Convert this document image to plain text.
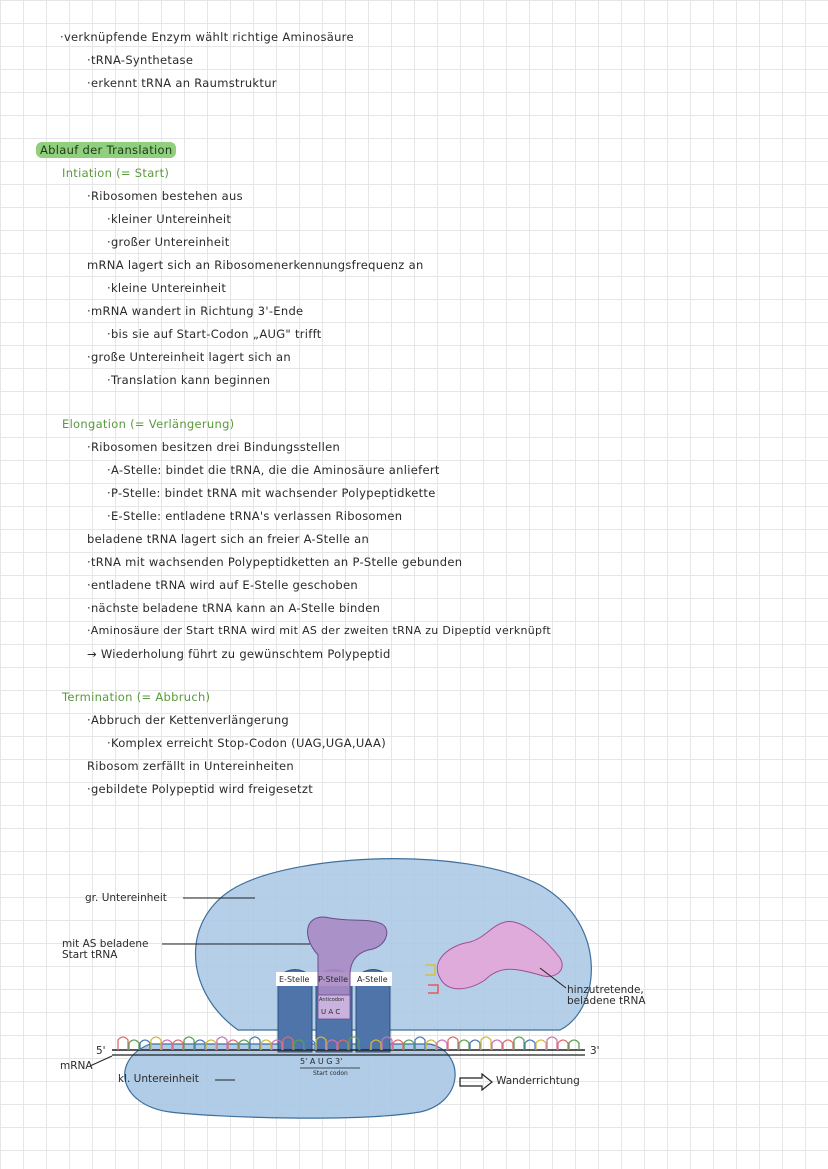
·verknüpfende Enzym wählt richtige Aminosäure
·tRNA-Synthetase
·erkennt tRNA an Raumstruktur
Ablauf der Translation
Intiation (= Start)
·Ribosomen bestehen aus
·kleiner Untereinheit
·großer Untereinheit
mRNA lagert sich an Ribosomenerkennungsfrequenz an
·kleine Untereinheit
·mRNA wandert in Richtung 3'-Ende
·bis sie auf Start-Codon „AUG" trifft
·große Untereinheit lagert sich an
·Translation kann beginnen
Elongation (= Verlängerung)
·Ribosomen besitzen drei Bindungsstellen
·A-Stelle: bindet die tRNA, die die Aminosäure anliefert
·P-Stelle: bindet tRNA mit wachsender Polypeptidkette
·E-Stelle: entladene tRNA's verlassen Ribosomen
beladene tRNA lagert sich an freier A-Stelle an
·tRNA mit wachsenden Polypeptidketten an P-Stelle gebunden
·entladene tRNA wird auf E-Stelle geschoben
·nächste beladene tRNA kann an A-Stelle binden
·Aminosäure der Start tRNA wird mit AS der zweiten tRNA zu Dipeptid verknüpft
→ Wiederholung führt zu gewünschtem Polypeptid
Termination (= Abbruch)
·Abbruch der Kettenverlängerung
·Komplex erreicht Stop-Codon (UAG,UGA,UAA)
Ribosom zerfällt in Untereinheiten
·gebildete Polypeptid wird freigesetzt
gr. Untereinheit
mit AS beladene
Start tRNA
hinzutretende,
beladene tRNA
mRNA
5'	3'
kl. Untereinheit	Wanderrichtung
E-Stelle P-Stelle A-Stelle
Anticodon
U A C
5' A U G 3'
Start codon
